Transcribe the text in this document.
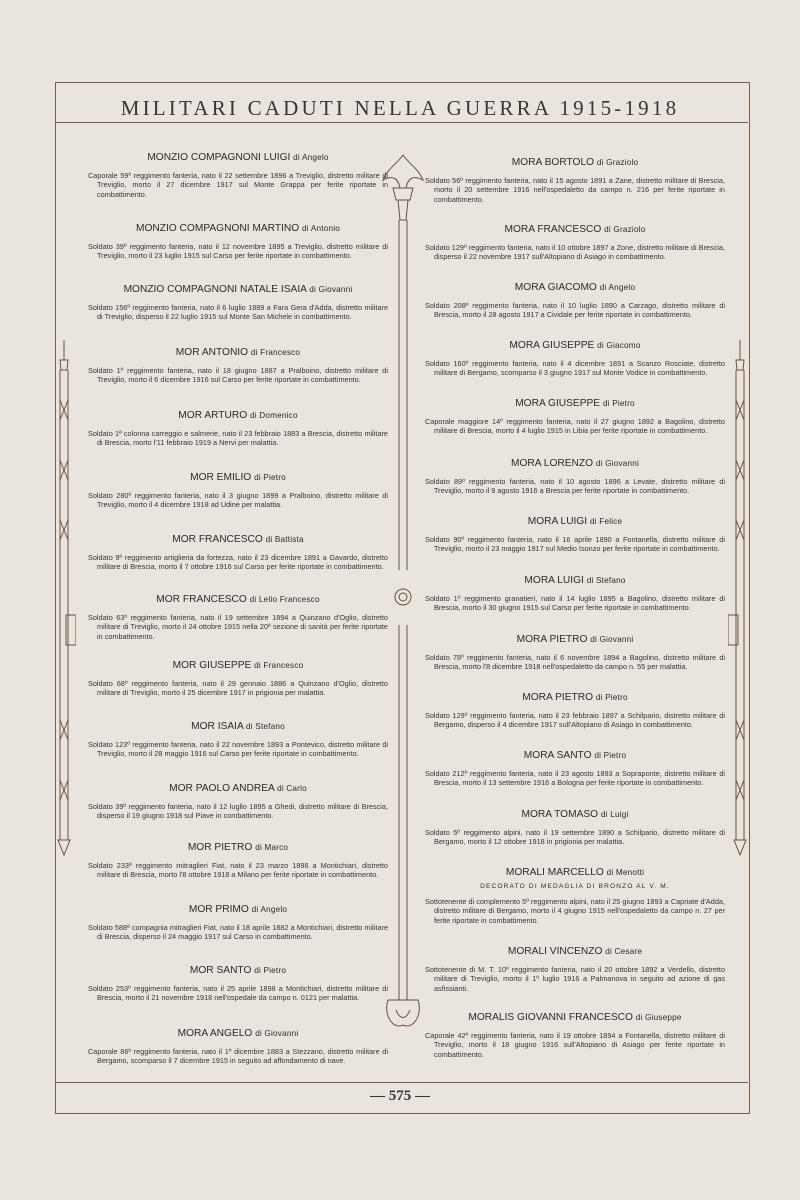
MILITARI CADUTI NELLA GUERRA 1915-1918
— 575 —
MONZIO COMPAGNONI LUIGI di Angelo
Caporale 59º reggimento fanteria, nato il 22 settembre 1896 a Treviglio, distretto militare di Treviglio, morto il 27 dicembre 1917 sul Monte Grappa per ferite riportate in combattimento.
MONZIO COMPAGNONI MARTINO di Antonio
Soldato 39º reggimento fanteria, nato il 12 novembre 1895 a Treviglio, distretto militare di Treviglio, morto il 23 luglio 1915 sul Carso per ferite riportate in combattimento.
MONZIO COMPAGNONI NATALE ISAIA di Giovanni
Soldato 156º reggimento fanteria, nato il 6 luglio 1889 a Fara Gera d'Adda, distretto militare di Treviglio, disperso il 22 luglio 1915 sul Monte San Michele in combattimento.
MOR ANTONIO di Francesco
Soldato 1º reggimento fanteria, nato il 18 giugno 1887 a Pralboino, distretto militare di Treviglio, morto il 6 dicembre 1916 sul Carso per ferite riportate in combattimento.
MOR ARTURO di Domenico
Soldato 1ª colonna carreggio e salmerie, nato il 23 febbraio 1883 a Brescia, distretto militare di Brescia, morto l'11 febbraio 1919 a Nervi per malattia.
MOR EMILIO di Pietro
Soldato 280º reggimento fanteria, nato il 3 giugno 1899 a Pralboino, distretto militare di Treviglio, morto il 4 dicembre 1918 ad Udine per malattia.
MOR FRANCESCO di Battista
Soldato 9º reggimento artiglieria da fortezza, nato il 23 dicembre 1891 a Gavardo, distretto militare di Brescia, morto il 7 ottobre 1916 sul Carso per ferite riportate in combattimento.
MOR FRANCESCO di Lelio Francesco
Soldato 63º reggimento fanteria, nato il 19 settembre 1894 a Quinzano d'Oglio, distretto militare di Treviglio, morto il 24 ottobre 1915 nella 20ª sezione di sanità per ferite riportate in combattimento.
MOR GIUSEPPE di Francesco
Soldato 68º reggimento fanteria, nato il 29 gennaio 1886 a Quinzano d'Oglio, distretto militare di Treviglio, morto il 25 dicembre 1917 in prigionia per malattia.
MOR ISAIA di Stefano
Soldato 123º reggimento fanteria, nato il 22 novembre 1893 a Pontevico, distretto militare di Treviglio, morto il 28 maggio 1916 sul Carso per ferite riportate in combattimento.
MOR PAOLO ANDREA di Carlo
Soldato 39º reggimento fanteria, nato il 12 luglio 1895 a Ghedi, distretto militare di Brescia, disperso il 19 giugno 1918 sul Piave in combattimento.
MOR PIETRO di Marco
Soldato 233ª reggimento mitraglieri Fiat, nato il 23 marzo 1896 a Montichiari, distretto militare di Brescia, morto l'8 ottobre 1918 a Milano per ferite riportate in combattimento.
MOR PRIMO di Angelo
Soldato 588ª compagnia mitraglieri Fiat, nato il 18 aprile 1882 a Montichiari, distretto militare di Brescia, disperso il 24 maggio 1917 sul Carso in combattimento.
MOR SANTO di Pietro
Soldato 253º reggimento fanteria, nato il 25 aprile 1898 a Montichiari, distretto militare di Brescia, morto il 21 novembre 1918 nell'ospedale da campo n. 0121 per malattia.
MORA ANGELO di Giovanni
Caporale 86º reggimento fanteria, nato il 1º dicembre 1883 a Stezzano, distretto militare di Bergamo, scomparso il 7 dicembre 1915 in seguito ad affondamento di nave.
MORA BORTOLO di Graziolo
Soldato 56º reggimento fanteria, nato il 15 agosto 1891 a Zane, distretto militare di Brescia, morto il 20 settembre 1916 nell'ospedaletto da campo n. 216 per ferite riportate in combattimento.
MORA FRANCESCO di Graziolo
Soldato 129º reggimento fanteria, nato il 10 ottobre 1897 a Zone, distretto militare di Brescia, disperso il 22 novembre 1917 sull'Altopiano di Asiago in combattimento.
MORA GIACOMO di Angelo
Soldato 208º reggimento fanteria, nato il 10 luglio 1890 a Carzago, distretto militare di Brescia, morto il 28 agosto 1917 a Cividale per ferite riportate in combattimento.
MORA GIUSEPPE di Giacomo
Soldato 160º reggimento fanteria, nato il 4 dicembre 1891 a Scanzo Rosciate, distretto militare di Bergamo, scomparso il 3 giugno 1917 sul Monte Vodice in combattimento.
MORA GIUSEPPE di Pietro
Caporale maggiore 14º reggimento fanteria, nato il 27 giugno 1892 a Bagolino, distretto militare di Brescia, morto il 4 luglio 1915 in Libia per ferite riportate in combattimento.
MORA LORENZO di Giovanni
Soldato 89º reggimento fanteria, nato il 10 agosto 1896 a Levate, distretto militare di Treviglio, morto il 9 agosto 1916 a Brescia per ferite riportate in combattimento.
MORA LUIGI di Felice
Soldato 90º reggimento fanteria, nato il 16 aprile 1890 a Fontanella, distretto militare di Treviglio, morto il 23 maggio 1917 sul Medio Isonzo per ferite riportate in combattimento.
MORA LUIGI di Stefano
Soldato 1º reggimento granatieri, nato il 14 luglio 1895 a Bagolino, distretto militare di Brescia, morto il 30 giugno 1915 sul Carso per ferite riportate in combattimento.
MORA PIETRO di Giovanni
Soldato 78º reggimento fanteria, nato il 6 novembre 1894 a Bagolino, distretto militare di Brescia, morto l'8 dicembre 1918 nell'ospedaletto da campo n. 55 per malattia.
MORA PIETRO di Pietro
Soldato 129º reggimento fanteria, nato il 23 febbraio 1897 a Schilpario, distretto militare di Bergamo, disperso il 4 dicembre 1917 sull'Altopiano di Asiago in combattimento.
MORA SANTO di Pietro
Soldato 212º reggimento fanteria, nato il 23 agosto 1893 a Sopraponte, distretto militare di Brescia, morto il 13 settembre 1916 a Bologna per ferite riportate in combattimento.
MORA TOMASO di Luigi
Soldato 5º reggimento alpini, nato il 19 settembre 1890 a Schilpario, distretto militare di Bergamo, morto il 12 ottobre 1918 in prigionia per malattia.
MORALI MARCELLO di Menotti
DECORATO DI MEDAGLIA DI BRONZO AL V. M.
Sottotenente di complemento 5º reggimento alpini, nato il 25 giugno 1893 a Capriate d'Adda, distretto militare di Bergamo, morto il 4 giugno 1915 nell'ospedaletto da campo n. 27 per ferite riportate in combattimento.
MORALI VINCENZO di Cesare
Sottotenente di M. T. 10º reggimento fanteria, nato il 20 ottobre 1892 a Verdello, distretto militare di Treviglio, morto il 1º luglio 1916 a Palmanova in seguito ad azione di gas asfissianti.
MORALIS GIOVANNI FRANCESCO di Giuseppe
Caporale 42º reggimento fanteria, nato il 19 ottobre 1894 a Fontanella, distretto militare di Treviglio, morto il 18 giugno 1916 sull'Altopiano di Asiago per ferite riportate in combattimento.
